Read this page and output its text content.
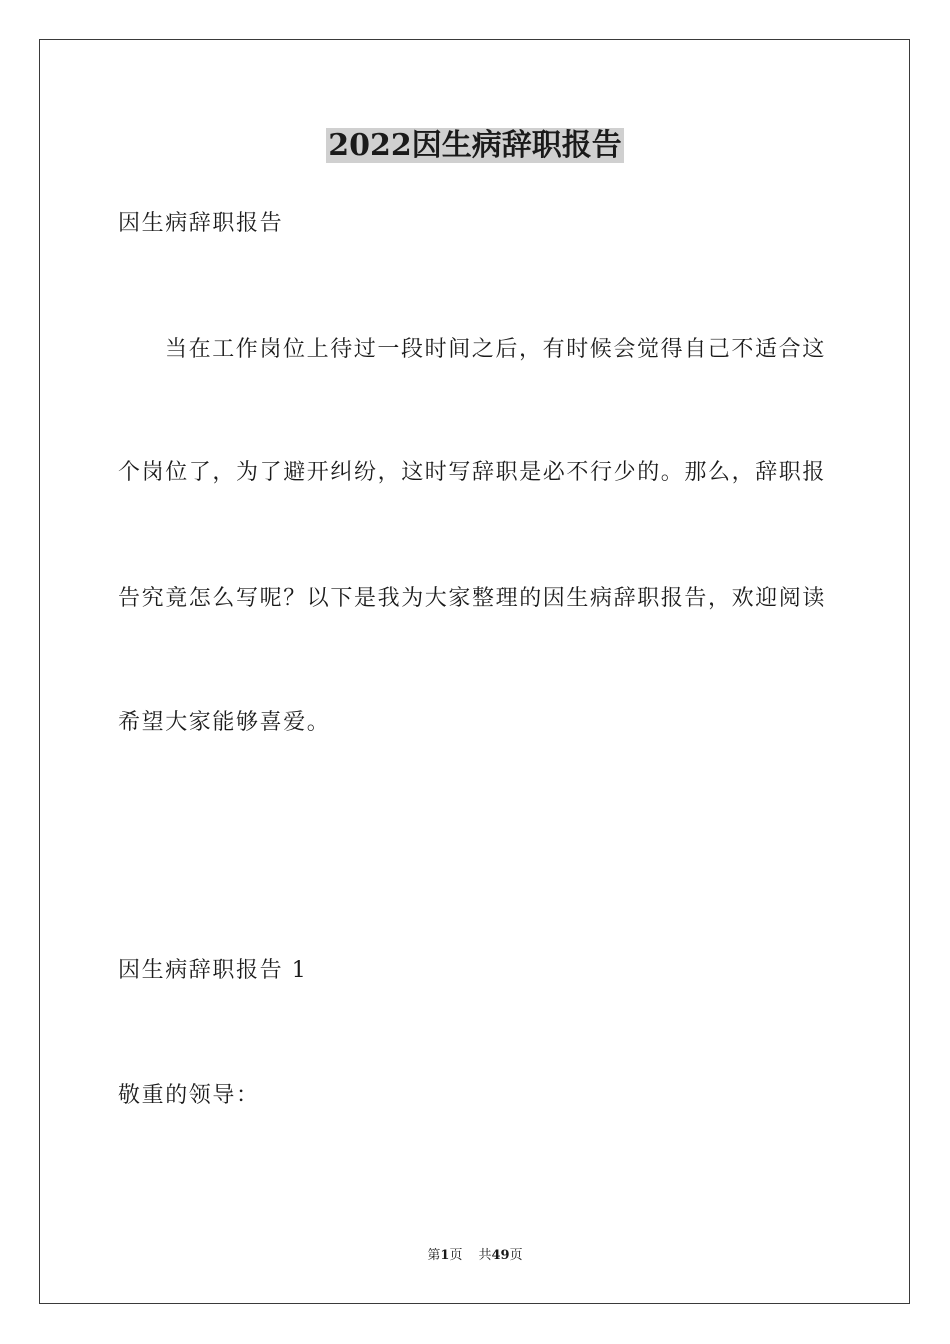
2022因生病辞职报告
因生病辞职报告
当在工作岗位上待过一段时间之后，有时候会觉得自己不适合这
个岗位了，为了避开纠纷，这时写辞职是必不行少的。那么，辞职报
告究竟怎么写呢？以下是我为大家整理的因生病辞职报告，欢迎阅读
希望大家能够喜爱。
因生病辞职报告 1
敬重的领导：
第1页 共49页
